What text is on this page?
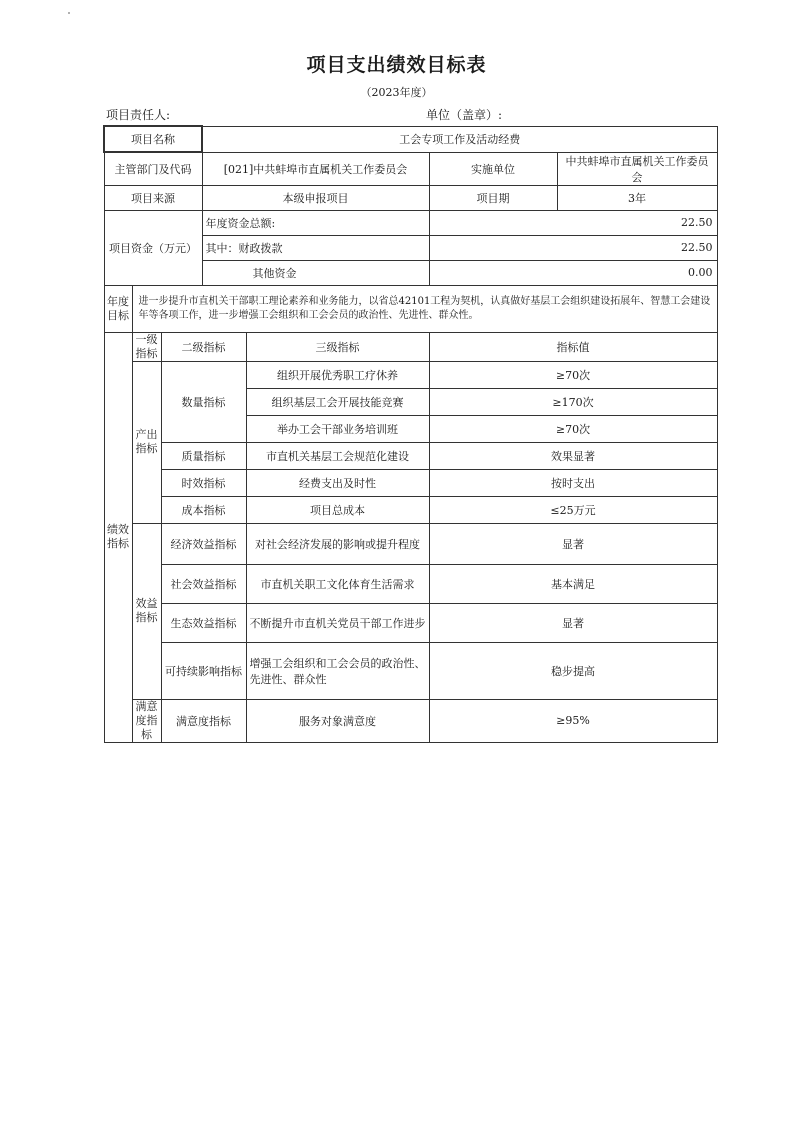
项目支出绩效目标表
（2023年度）
项目责任人:	单位（盖章）:
项目名称			工会专项工作及活动经费			
主管部门及代码			[021]中共蚌埠市直属机关工作委员会		实施单位	中共蚌埠市直属机关工作委员会
项目来源			本级申报项目		项目期	3年
项目资金（万元）			年度资金总额:		22.50	
			其中：财政拨款		22.50	
			其他资金		0.00	
年度目标	进一步提升市直机关干部职工理论素养和业务能力，以省总42101工程为契机，认真做好基层工会组织建设拓展年、智慧工会建设年等各项工作，进一步增强工会组织和工会会员的政治性、先进性、群众性。					
绩效指标	一级指标	二级指标		三级指标	指标值	
	产出指标	数量指标		组织开展优秀职工疗休养	≥70次	
				组织基层工会开展技能竞赛	≥170次	
				举办工会干部业务培训班	≥70次	
		质量指标		市直机关基层工会规范化建设	效果显著	
		时效指标		经费支出及时性	按时支出	
		成本指标		项目总成本	≤25万元	
	效益指标	经济效益指标		对社会经济发展的影响或提升程度	显著	
		社会效益指标		市直机关职工文化体育生活需求	基本满足	
		生态效益指标		不断提升市直机关党员干部工作进步	显著	
		可持续影响指标		增强工会组织和工会会员的政治性、先进性、群众性	稳步提高	
	满意度指标	满意度指标		服务对象满意度	≥95%	
